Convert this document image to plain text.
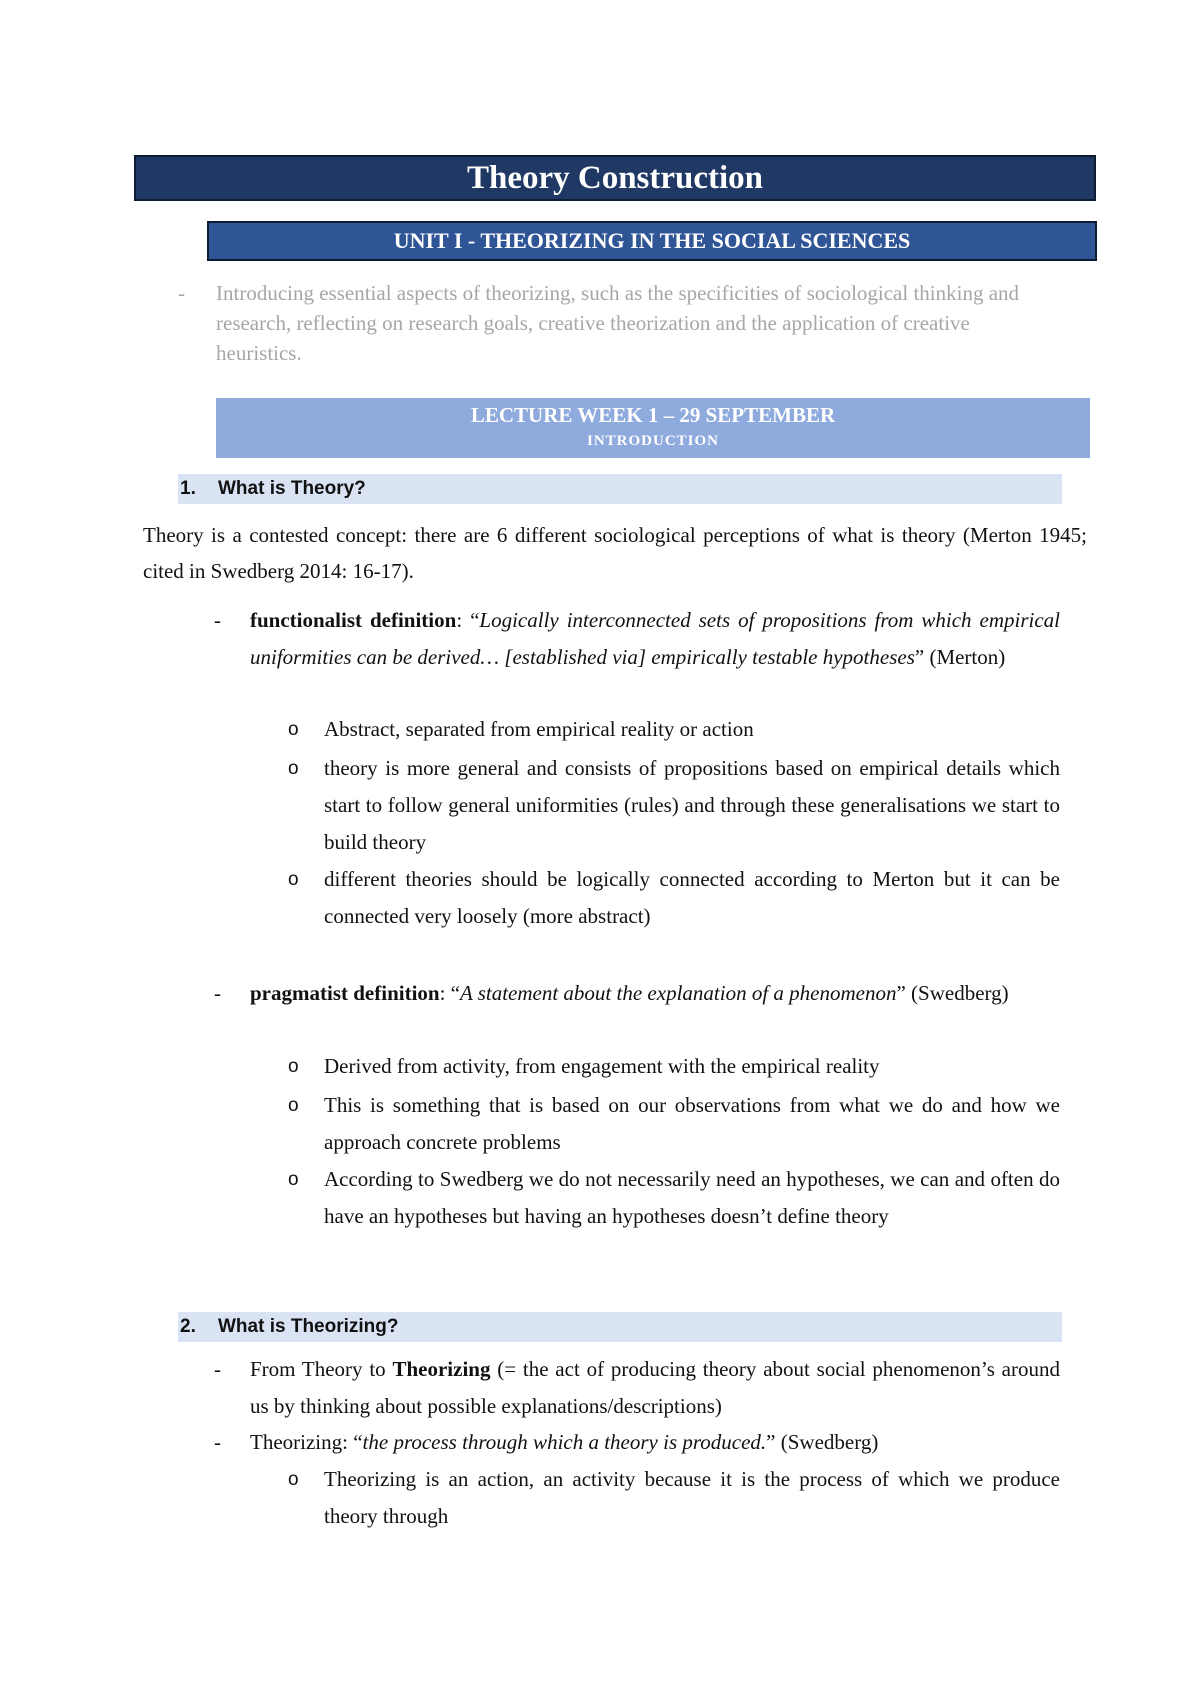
Theory Construction
UNIT I - THEORIZING IN THE SOCIAL SCIENCES
- Introducing essential aspects of theorizing, such as the specificities of sociological thinking and research, reflecting on research goals, creative theorization and the application of creative heuristics.
LECTURE WEEK 1 – 29 SEPTEMBER
INTRODUCTION
1. What is Theory?
Theory is a contested concept: there are 6 different sociological perceptions of what is theory (Merton 1945; cited in Swedberg 2014: 16-17).
- functionalist definition: “Logically interconnected sets of propositions from which empirical uniformities can be derived… [established via] empirically testable hypotheses” (Merton)
o Abstract, separated from empirical reality or action
o theory is more general and consists of propositions based on empirical details which start to follow general uniformities (rules) and through these generalisations we start to build theory
o different theories should be logically connected according to Merton but it can be connected very loosely (more abstract)
- pragmatist definition: “A statement about the explanation of a phenomenon” (Swedberg)
o Derived from activity, from engagement with the empirical reality
o This is something that is based on our observations from what we do and how we approach concrete problems
o According to Swedberg we do not necessarily need an hypotheses, we can and often do have an hypotheses but having an hypotheses doesn’t define theory
2. What is Theorizing?
- From Theory to Theorizing (= the act of producing theory about social phenomenon’s around us by thinking about possible explanations/descriptions)
- Theorizing: “the process through which a theory is produced.” (Swedberg)
o Theorizing is an action, an activity because it is the process of which we produce theory through
